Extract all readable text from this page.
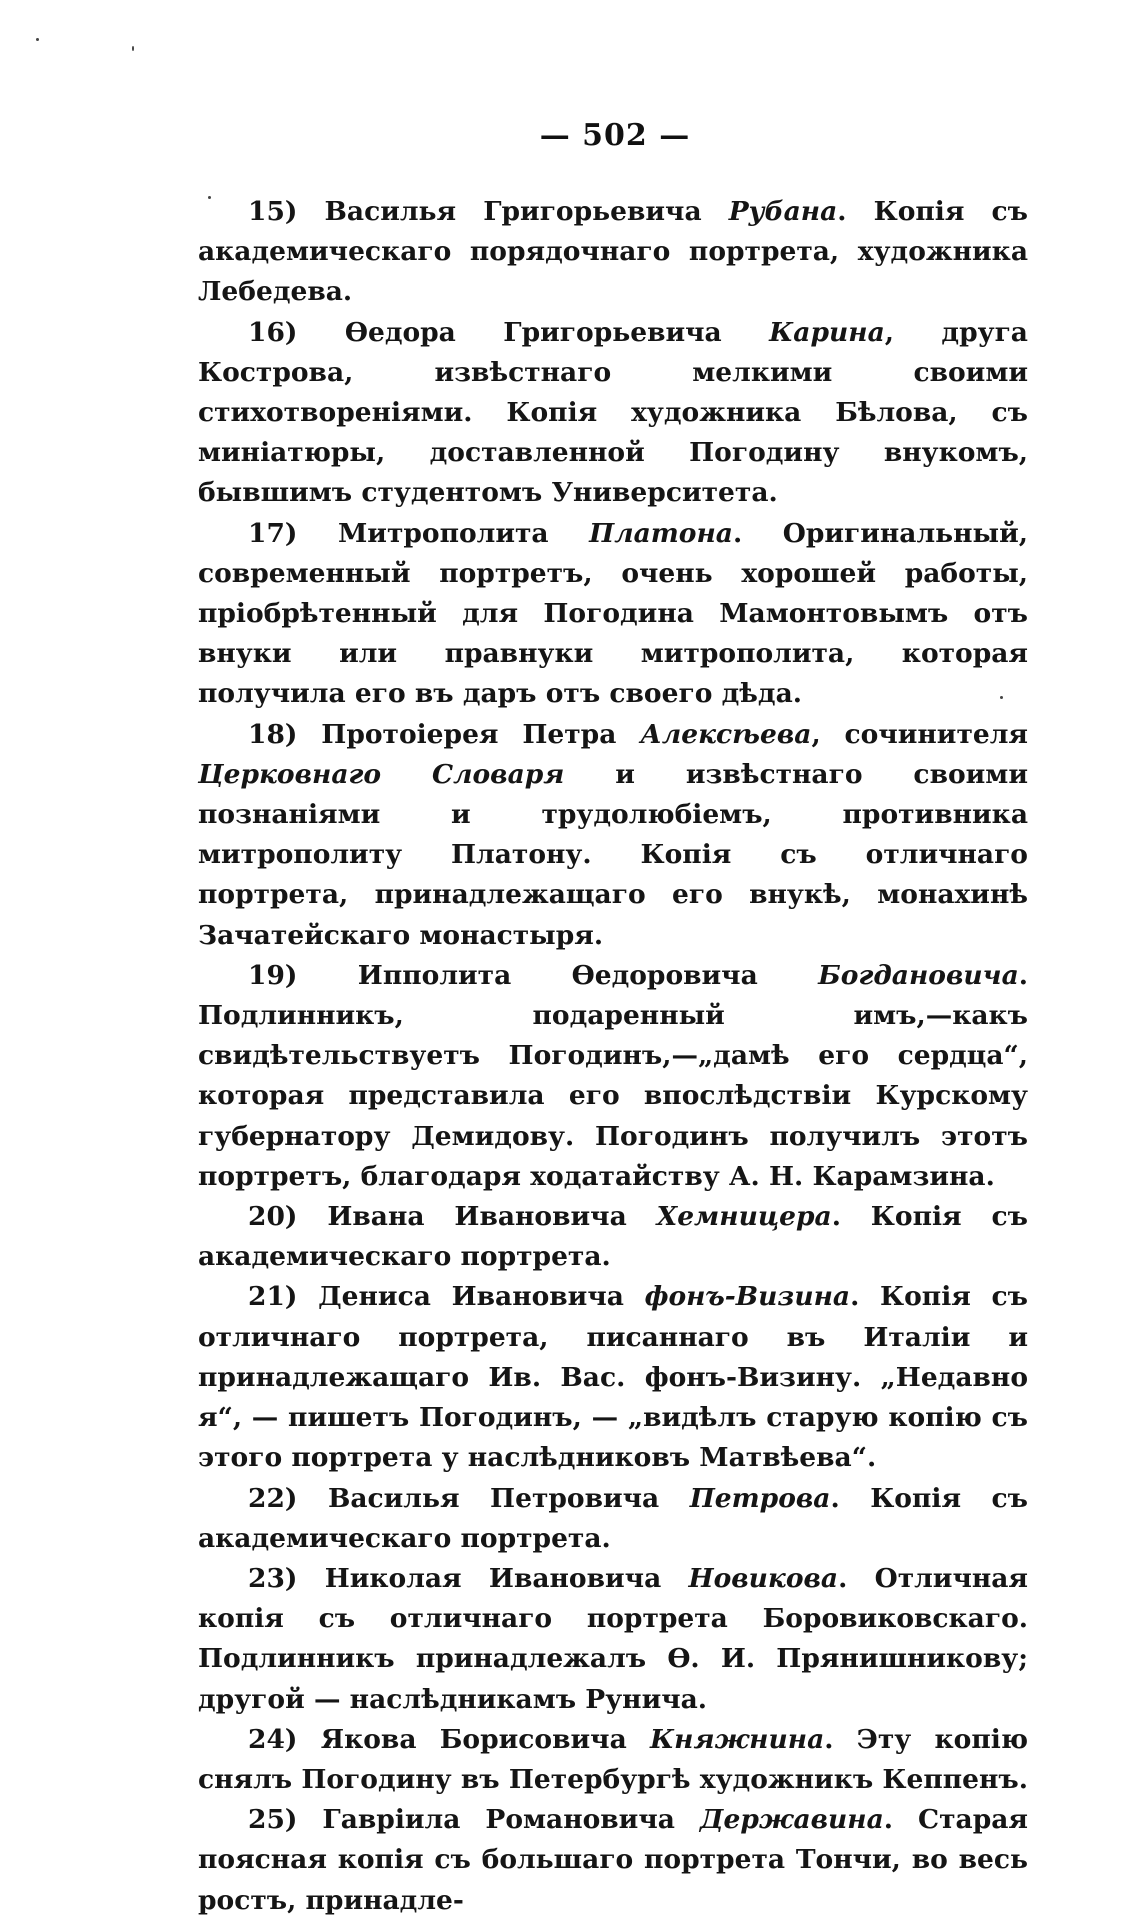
— 502 —

15) Василья Григорьевича Рубана. Копія съ академическаго порядочнаго портрета, художника Лебедева.

16) Өедора Григорьевича Карина, друга Кострова, извѣстнаго мелкими своими стихотвореніями. Копія художника Бѣлова, съ миніатюры, доставленной Погодину внукомъ, бывшимъ студентомъ Университета.

17) Митрополита Платона. Оригинальный, современный портретъ, очень хорошей работы, пріобрѣтенный для Погодина Мамонтовымъ отъ внуки или правнуки митрополита, которая получила его въ даръ отъ своего дѣда.

18) Протоіерея Петра Алексѣева, сочинителя Церковнаго Словаря и извѣстнаго своими познаніями и трудолюбіемъ, противника митрополиту Платону. Копія съ отличнаго портрета, принадлежащаго его внукѣ, монахинѣ Зачатейскаго монастыря.

19) Ипполита Өедоровича Богдановича. Подлинникъ, подаренный имъ,—какъ свидѣтельствуетъ Погодинъ,—„дамѣ его сердца“, которая представила его впослѣдствіи Курскому губернатору Демидову. Погодинъ получилъ этотъ портретъ, благодаря ходатайству А. Н. Карамзина.

20) Ивана Ивановича Хемницера. Копія съ академическаго портрета.

21) Дениса Ивановича фонъ-Визина. Копія съ отличнаго портрета, писаннаго въ Италіи и принадлежащаго Ив. Вас. фонъ-Визину. „Недавно я“, — пишетъ Погодинъ, — „видѣлъ старую копію съ этого портрета у наслѣдниковъ Матвѣева“.

22) Василья Петровича Петрова. Копія съ академическаго портрета.

23) Николая Ивановича Новикова. Отличная копія съ отличнаго портрета Боровиковскаго. Подлинникъ принадлежалъ Ө. И. Прянишникову; другой — наслѣдникамъ Рунича.

24) Якова Борисовича Княжнина. Эту копію снялъ Погодину въ Петербургѣ художникъ Кеппенъ.

25) Гавріила Романовича Державина. Старая поясная копія съ большаго портрета Тончи, во весь ростъ, принадле-
